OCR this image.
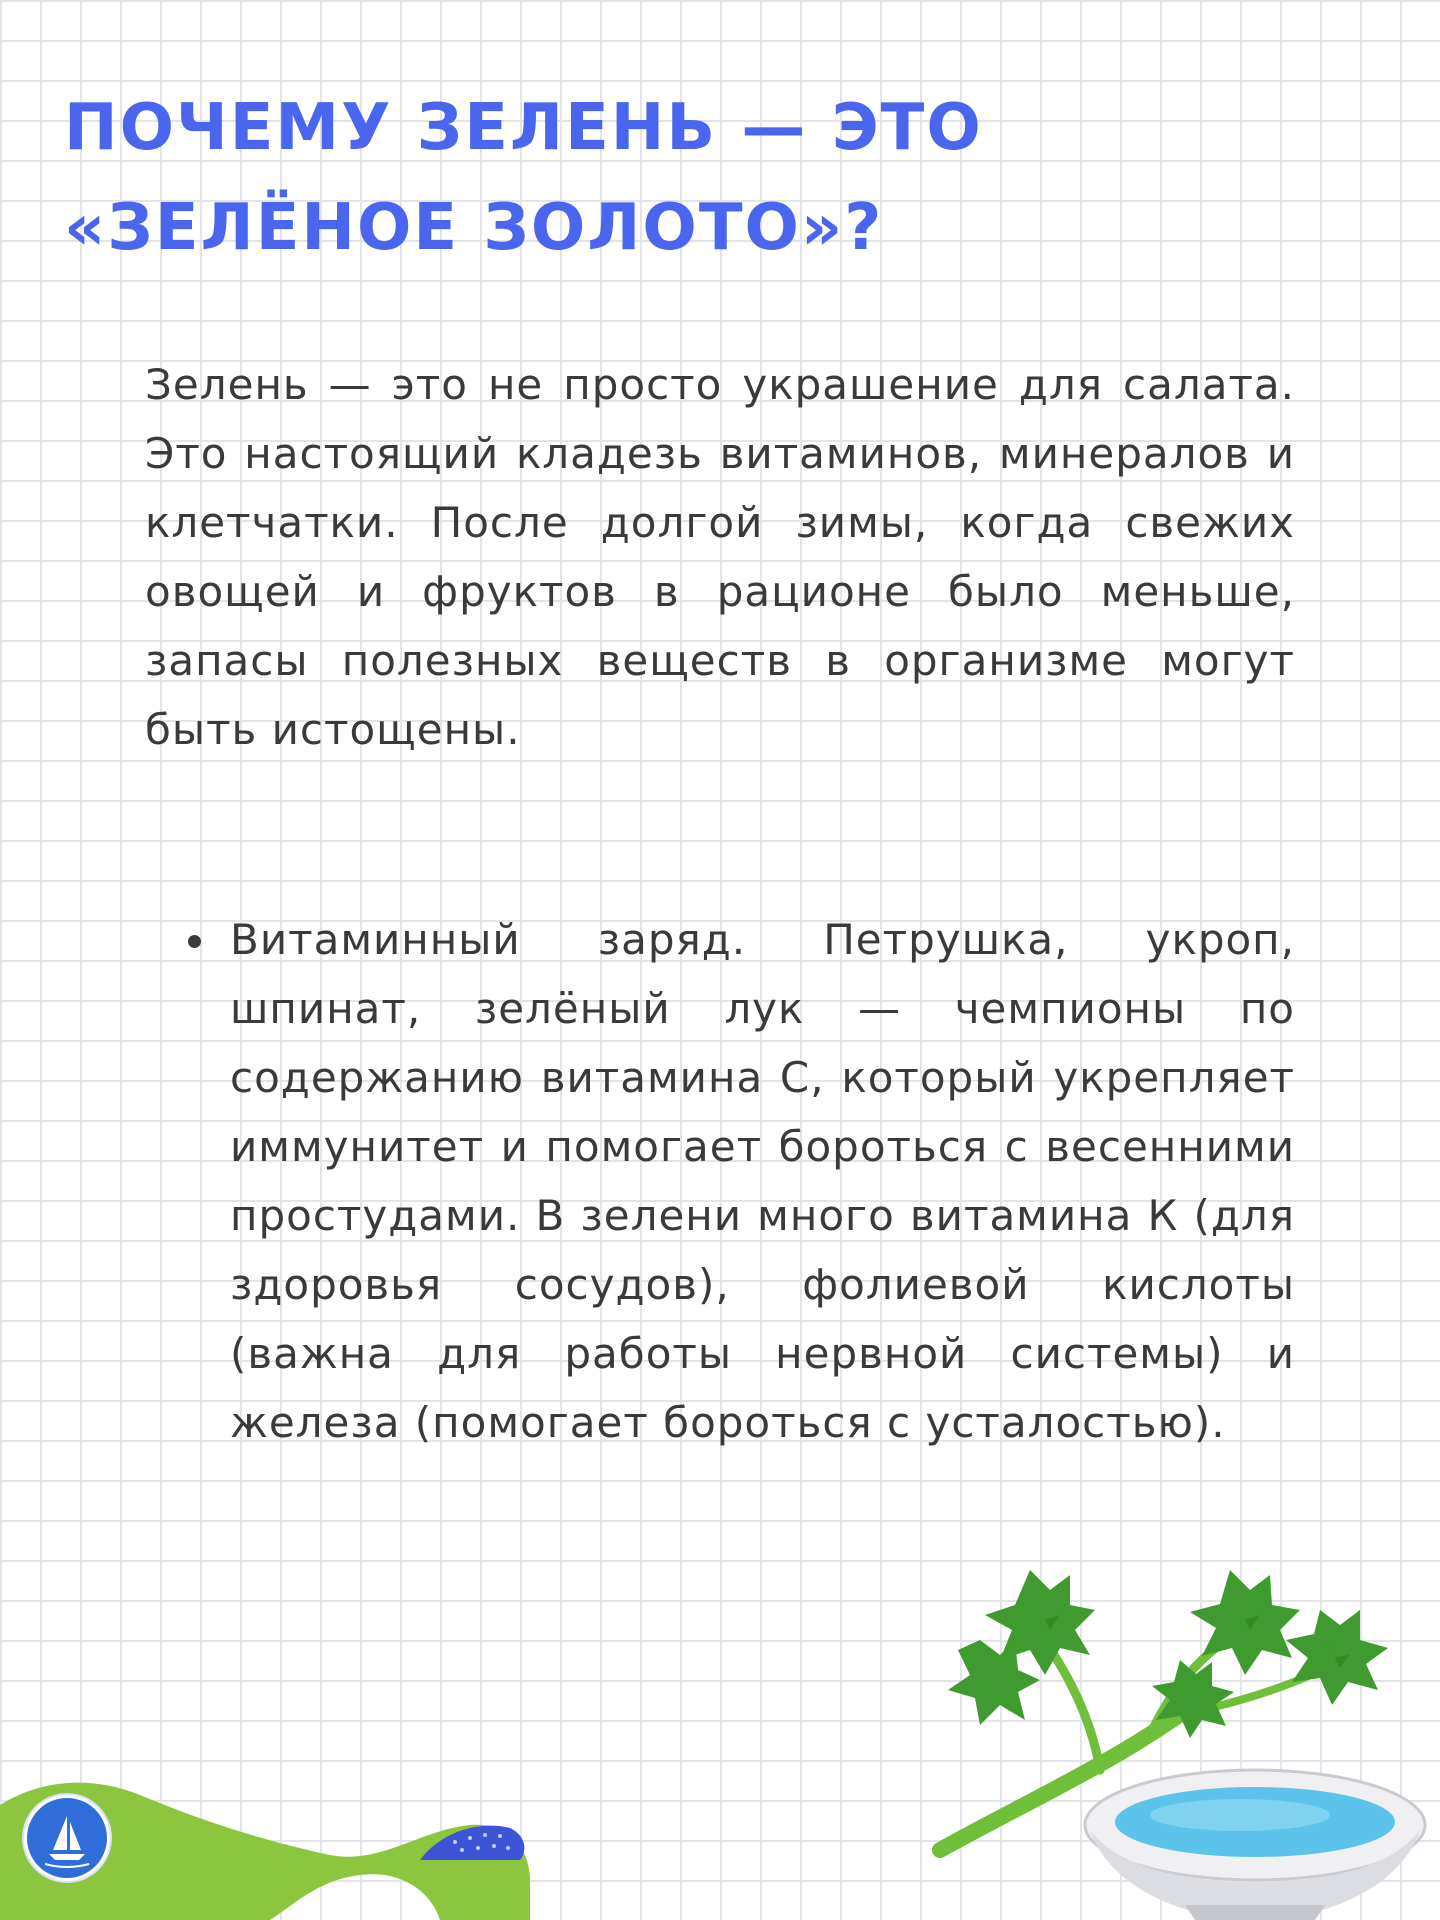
ПОЧЕМУ ЗЕЛЕНЬ — ЭТО
«ЗЕЛЁНОЕ ЗОЛОТО»?

Зелень — это не просто украшение для салата. Это настоящий кладезь витаминов, минералов и клетчатки. После долгой зимы, когда свежих овощей и фруктов в рационе было меньше, запасы полезных веществ в организме могут быть истощены.

Витаминный заряд. Петрушка, укроп, шпинат, зелёный лук — чемпионы по содержанию витамина С, который укрепляет иммунитет и помогает бороться с весенними простудами. В зелени много витамина К (для здоровья сосудов), фолиевой кислоты (важна для работы нервной системы) и железа (помогает бороться с усталостью).
